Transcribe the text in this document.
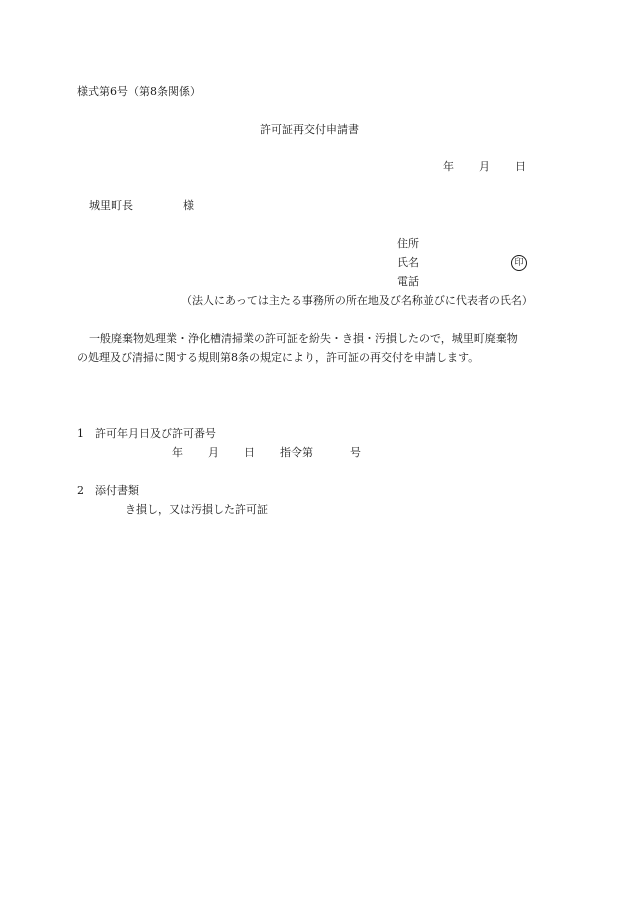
様式第6号（第8条関係）
許可証再交付申請書
年 月 日
城里町長	様
住所
氏名	印
電話
（法人にあっては主たる事務所の所在地及び名称並びに代表者の氏名）
一般廃棄物処理業・浄化槽清掃業の許可証を紛失・き損・汚損したので，城里町廃棄物
の処理及び清掃に関する規則第8条の規定により，許可証の再交付を申請します。
1 許可年月日及び許可番号
年 月 日 指令第	号
2 添付書類
き損し，又は汚損した許可証
